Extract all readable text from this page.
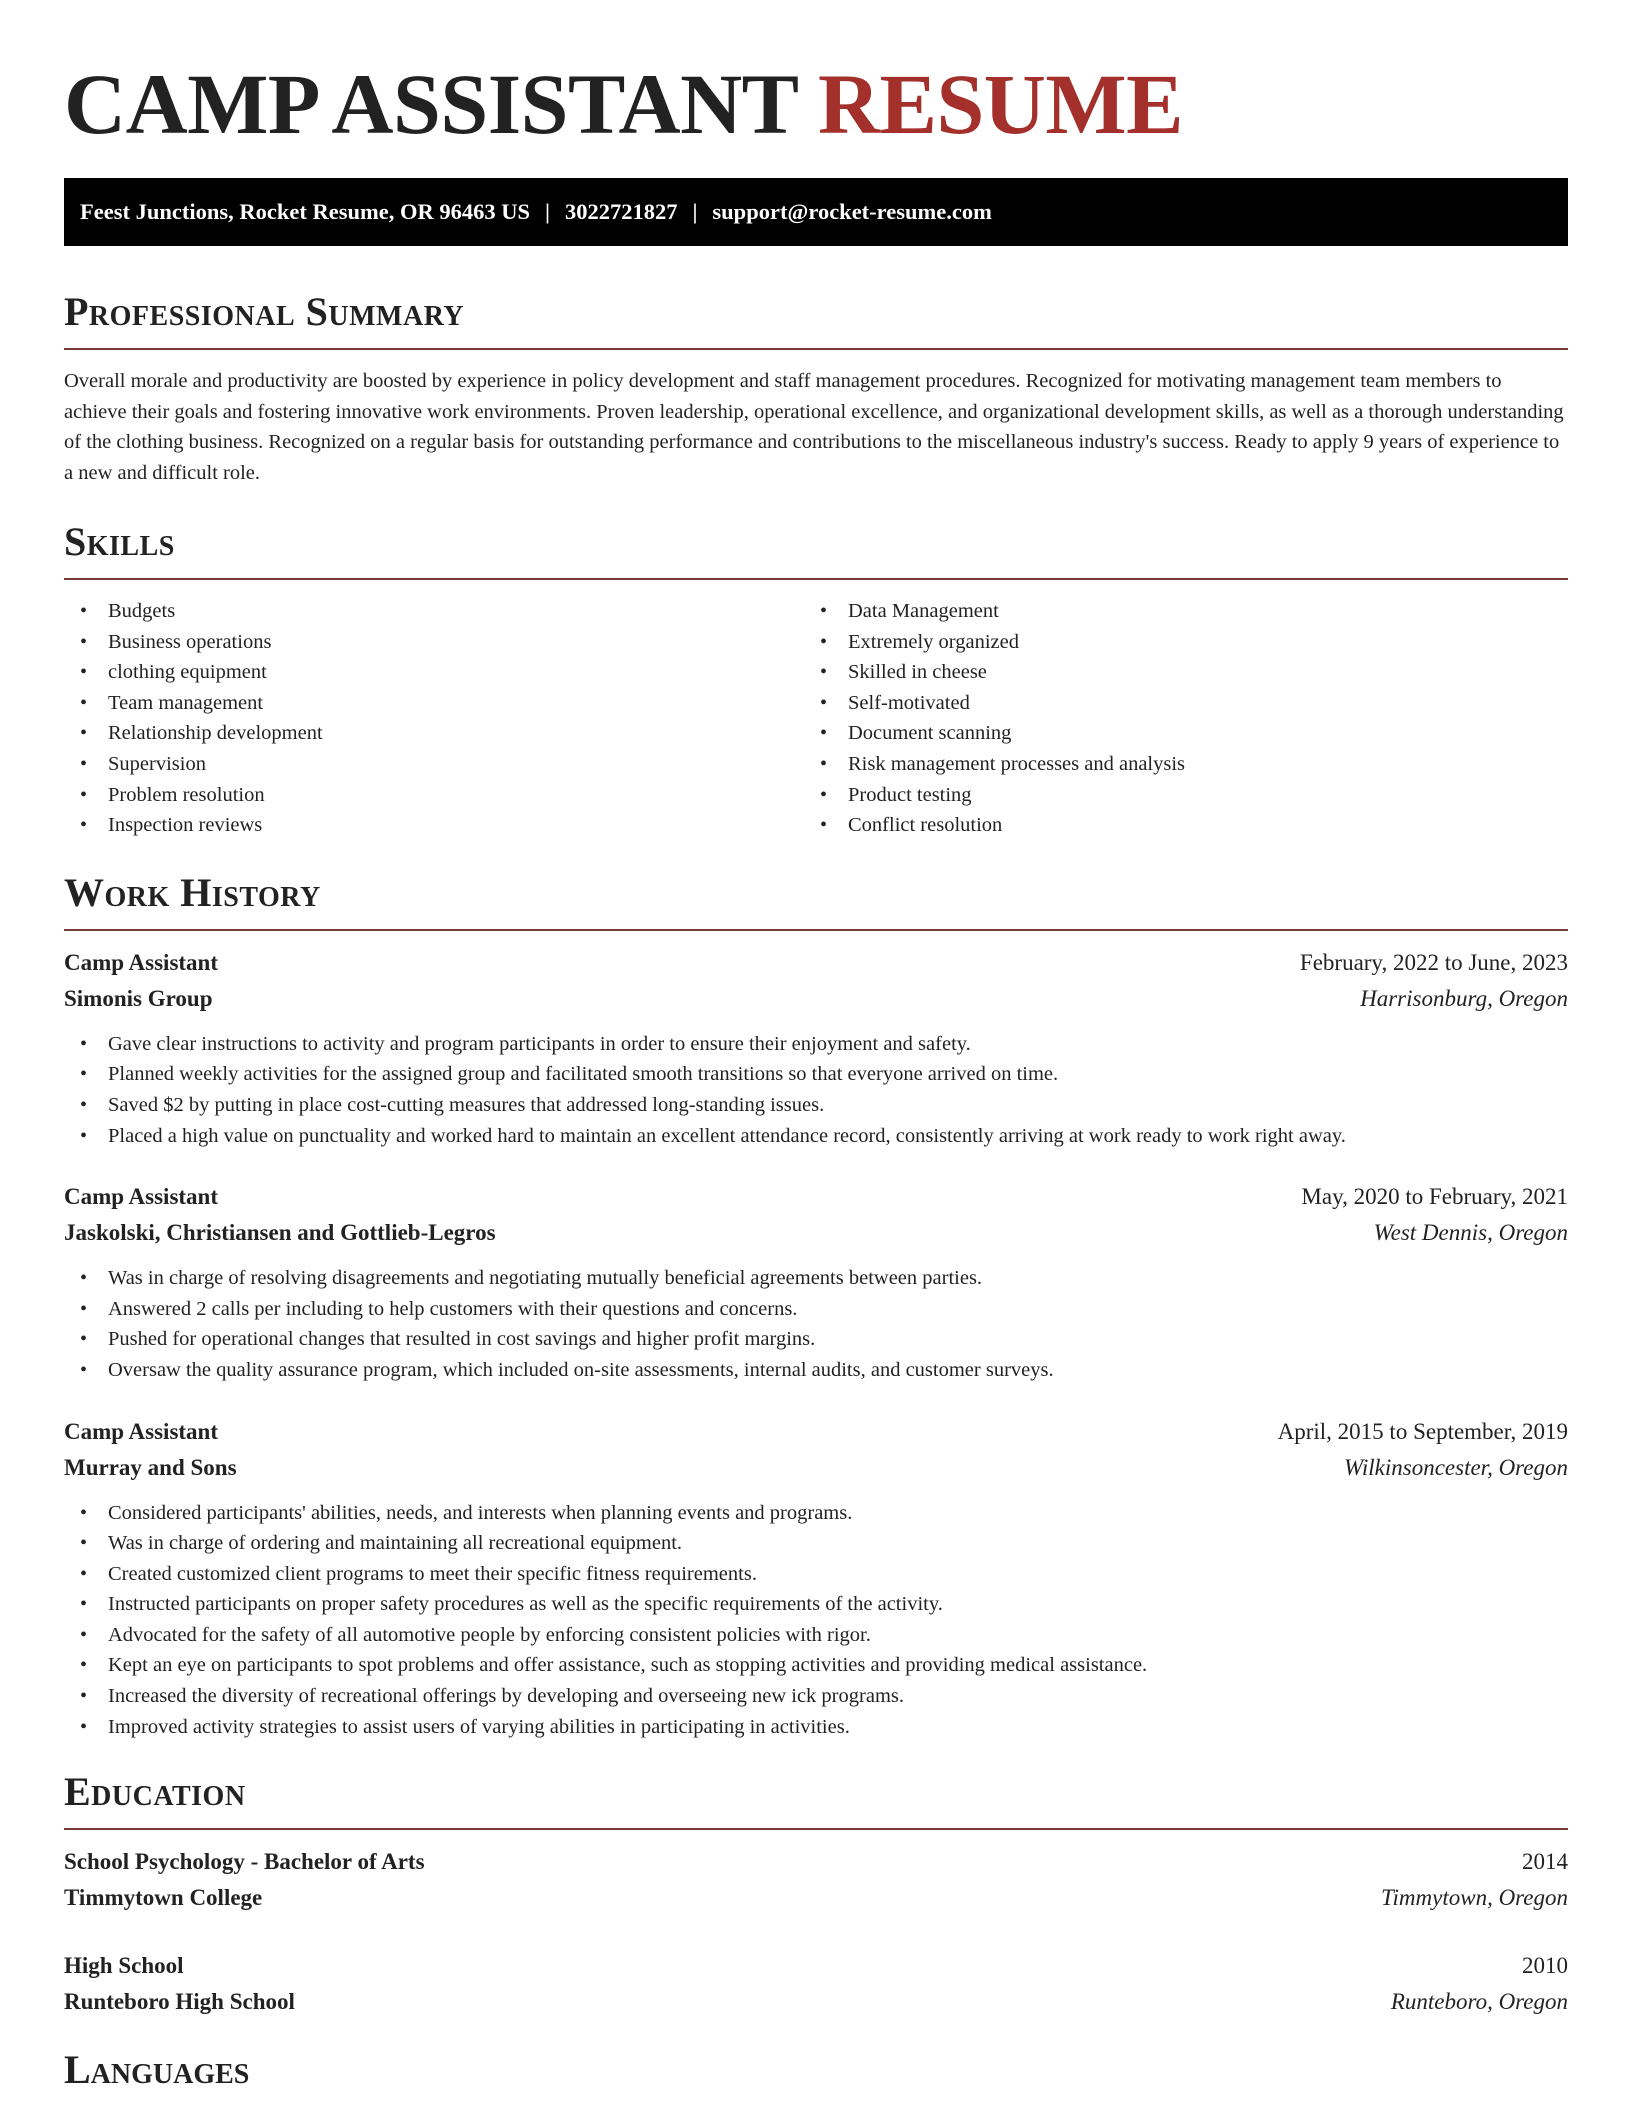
CAMP ASSISTANT RESUME
Feest Junctions, Rocket Resume, OR 96463 US | 3022721827 | support@rocket-resume.com
Professional Summary

Overall morale and productivity are boosted by experience in policy development and staff management procedures. Recognized for motivating management team members to achieve their goals and fostering innovative work environments. Proven leadership, operational excellence, and organizational development skills, as well as a thorough understanding of the clothing business. Recognized on a regular basis for outstanding performance and contributions to the miscellaneous industry's success. Ready to apply 9 years of experience to a new and difficult role.

Skills
• Budgets
• Business operations
• clothing equipment
• Team management
• Relationship development
• Supervision
• Problem resolution
• Inspection reviews
• Data Management
• Extremely organized
• Skilled in cheese
• Self-motivated
• Document scanning
• Risk management processes and analysis
• Product testing
• Conflict resolution
Work History
Camp Assistant	February, 2022 to June, 2023
Simonis Group	Harrisonburg, Oregon
• Gave clear instructions to activity and program participants in order to ensure their enjoyment and safety.
• Planned weekly activities for the assigned group and facilitated smooth transitions so that everyone arrived on time.
• Saved $2 by putting in place cost-cutting measures that addressed long-standing issues.
• Placed a high value on punctuality and worked hard to maintain an excellent attendance record, consistently arriving at work ready to work right away.
Camp Assistant	May, 2020 to February, 2021
Jaskolski, Christiansen and Gottlieb-Legros	West Dennis, Oregon
• Was in charge of resolving disagreements and negotiating mutually beneficial agreements between parties.
• Answered 2 calls per including to help customers with their questions and concerns.
• Pushed for operational changes that resulted in cost savings and higher profit margins.
• Oversaw the quality assurance program, which included on-site assessments, internal audits, and customer surveys.
Camp Assistant	April, 2015 to September, 2019
Murray and Sons	Wilkinsoncester, Oregon
• Considered participants' abilities, needs, and interests when planning events and programs.
• Was in charge of ordering and maintaining all recreational equipment.
• Created customized client programs to meet their specific fitness requirements.
• Instructed participants on proper safety procedures as well as the specific requirements of the activity.
• Advocated for the safety of all automotive people by enforcing consistent policies with rigor.
• Kept an eye on participants to spot problems and offer assistance, such as stopping activities and providing medical assistance.
• Increased the diversity of recreational offerings by developing and overseeing new ick programs.
• Improved activity strategies to assist users of varying abilities in participating in activities.
Education
School Psychology - Bachelor of Arts	2014
Timmytown College	Timmytown, Oregon
High School	2010
Runteboro High School	Runteboro, Oregon
Languages
